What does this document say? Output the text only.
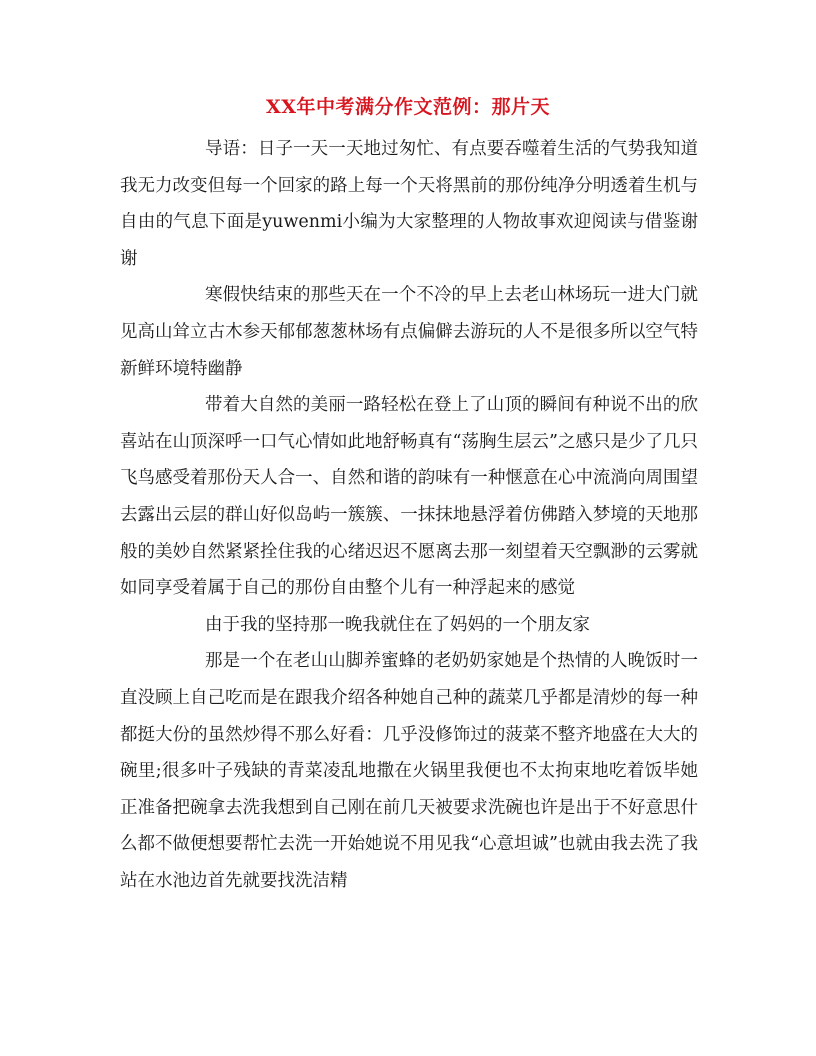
XX年中考满分作文范例：那片天

导语：日子一天一天地过匆忙、有点要吞噬着生活的气势我知道我无力改变但每一个回家的路上每一个天将黑前的那份纯净分明透着生机与自由的气息下面是yuwenmi小编为大家整理的人物故事欢迎阅读与借鉴谢谢

寒假快结束的那些天在一个不冷的早上去老山林场玩一进大门就见高山耸立古木参天郁郁葱葱林场有点偏僻去游玩的人不是很多所以空气特新鲜环境特幽静

带着大自然的美丽一路轻松在登上了山顶的瞬间有种说不出的欣喜站在山顶深呼一口气心情如此地舒畅真有“荡胸生层云”之感只是少了几只飞鸟感受着那份天人合一、自然和谐的韵味有一种惬意在心中流淌向周围望去露出云层的群山好似岛屿一簇簇、一抹抹地悬浮着仿佛踏入梦境的天地那般的美妙自然紧紧拴住我的心绪迟迟不愿离去那一刻望着天空飘渺的云雾就如同享受着属于自己的那份自由整个儿有一种浮起来的感觉

由于我的坚持那一晚我就住在了妈妈的一个朋友家

那是一个在老山山脚养蜜蜂的老奶奶家她是个热情的人晚饭时一直没顾上自己吃而是在跟我介绍各种她自己种的蔬菜几乎都是清炒的每一种都挺大份的虽然炒得不那么好看：几乎没修饰过的菠菜不整齐地盛在大大的碗里;很多叶子残缺的青菜凌乱地撒在火锅里我便也不太拘束地吃着饭毕她正准备把碗拿去洗我想到自己刚在前几天被要求洗碗也许是出于不好意思什么都不做便想要帮忙去洗一开始她说不用见我“心意坦诚”也就由我去洗了我站在水池边首先就要找洗洁精
